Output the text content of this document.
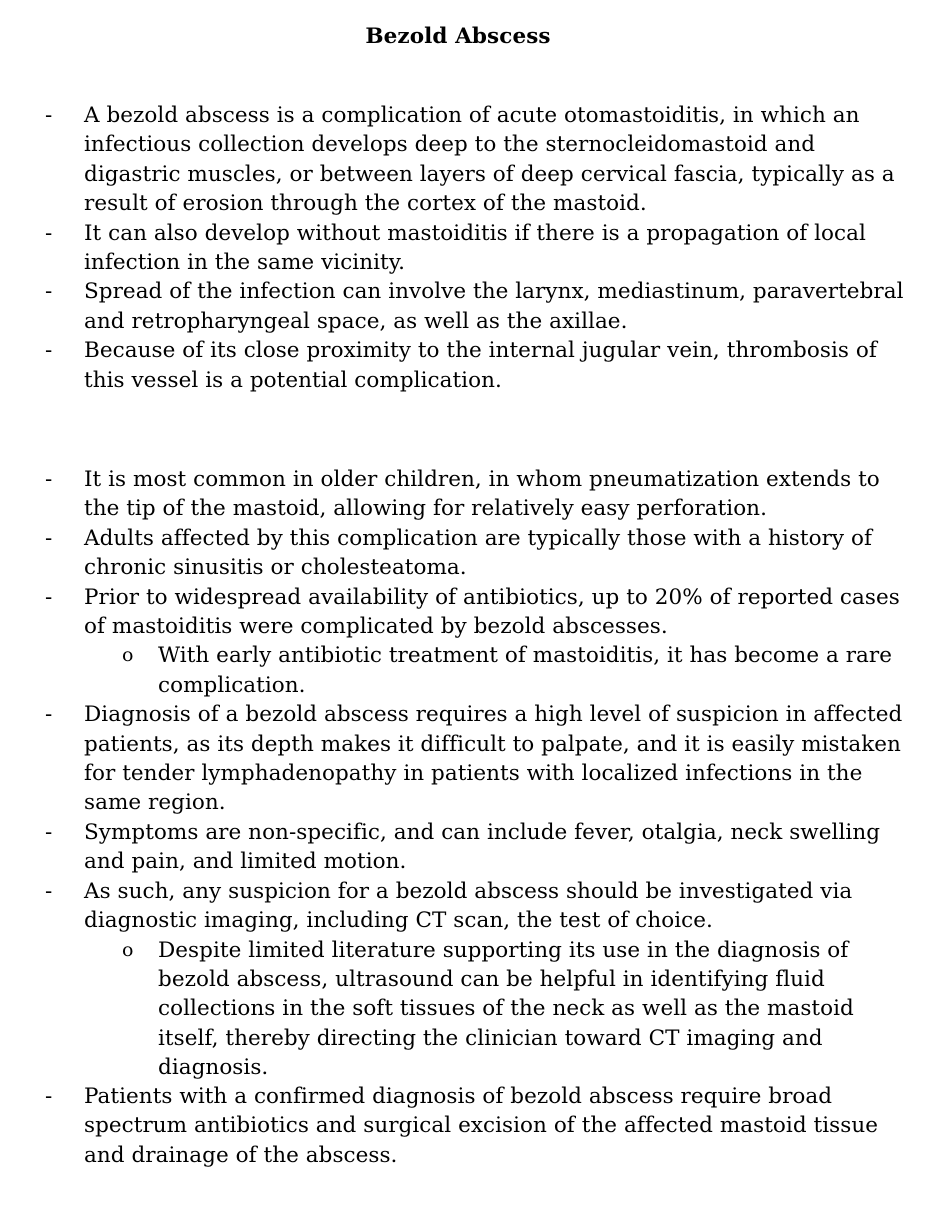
Bezold Abscess
- A bezold abscess is a complication of acute otomastoiditis, in which an infectious collection develops deep to the sternocleidomastoid and digastric muscles, or between layers of deep cervical fascia, typically as a result of erosion through the cortex of the mastoid.
- It can also develop without mastoiditis if there is a propagation of local infection in the same vicinity.
- Spread of the infection can involve the larynx, mediastinum, paravertebral and retropharyngeal space, as well as the axillae.
- Because of its close proximity to the internal jugular vein, thrombosis of this vessel is a potential complication.
- It is most common in older children, in whom pneumatization extends to the tip of the mastoid, allowing for relatively easy perforation.
- Adults affected by this complication are typically those with a history of chronic sinusitis or cholesteatoma.
- Prior to widespread availability of antibiotics, up to 20% of reported cases of mastoiditis were complicated by bezold abscesses.
o With early antibiotic treatment of mastoiditis, it has become a rare complication.
- Diagnosis of a bezold abscess requires a high level of suspicion in affected patients, as its depth makes it difficult to palpate, and it is easily mistaken for tender lymphadenopathy in patients with localized infections in the same region.
- Symptoms are non-specific, and can include fever, otalgia, neck swelling and pain, and limited motion.
- As such, any suspicion for a bezold abscess should be investigated via diagnostic imaging, including CT scan, the test of choice.
o Despite limited literature supporting its use in the diagnosis of bezold abscess, ultrasound can be helpful in identifying fluid collections in the soft tissues of the neck as well as the mastoid itself, thereby directing the clinician toward CT imaging and diagnosis.
- Patients with a confirmed diagnosis of bezold abscess require broad spectrum antibiotics and surgical excision of the affected mastoid tissue and drainage of the abscess.
